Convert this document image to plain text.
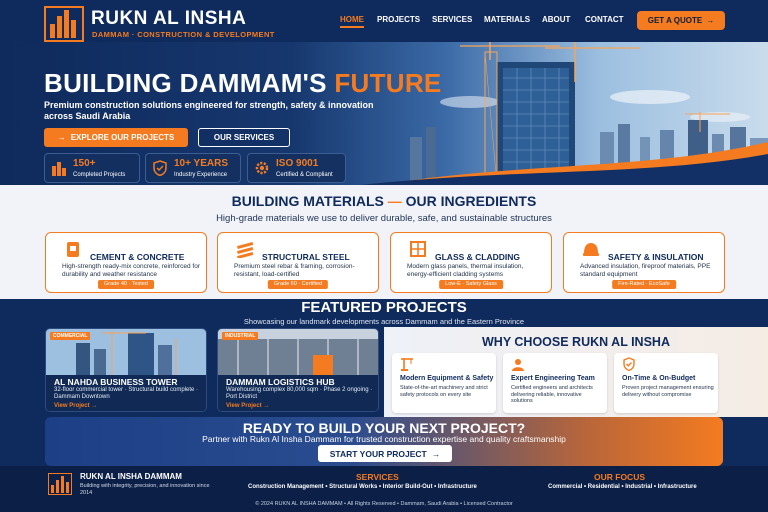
RUKN AL INSHA
DAMMAM · CONSTRUCTION & DEVELOPMENT
HOME PROJECTS SERVICES MATERIALS ABOUT CONTACT	GET A QUOTE →
BUILDING DAMMAM'S FUTURE
Premium construction solutions engineered for strength, safety & innovation across Saudi Arabia
→ EXPLORE OUR PROJECTS	OUR SERVICES
150+
Completed Projects
10+ YEARS
Industry Experience
ISO 9001
Certified & Compliant
BUILDING MATERIALS — OUR INGREDIENTS
High-grade materials we use to deliver durable, safe, and sustainable structures
CEMENT & CONCRETE
High-strength ready-mix concrete, reinforced for durability and weather resistance
Grade 40 · Tested
STRUCTURAL STEEL
Premium steel rebar & framing, corrosion-resistant, load-certified
Grade 60 · Certified
GLASS & CLADDING
Modern glass panels, thermal insulation, energy-efficient cladding systems
Low-E · Safety Glass
SAFETY & INSULATION
Advanced insulation, fireproof materials, PPE standard equipment
Fire-Rated · EcoSafe
FEATURED PROJECTS
Showcasing our landmark developments across Dammam and the Eastern Province
COMMERCIAL
AL NAHDA BUSINESS TOWER
32-floor commercial tower · Structural build complete · Dammam Downtown
View Project →
INDUSTRIAL
DAMMAM LOGISTICS HUB
Warehousing complex 80,000 sqm · Phase 2 ongoing · Port District
View Project →
WHY CHOOSE RUKN AL INSHA
Modern Equipment & Safety
State-of-the-art machinery and strict safety protocols on every site
Expert Engineering Team
Certified engineers and architects delivering reliable, innovative solutions
On-Time & On-Budget
Proven project management ensuring delivery without compromise
READY TO BUILD YOUR NEXT PROJECT?
Partner with Rukn Al Insha Dammam for trusted construction expertise and quality craftsmanship
START YOUR PROJECT →
RUKN AL INSHA DAMMAM
Building with integrity, precision, and innovation since 2014
SERVICES
Construction Management • Structural Works • Interior Build-Out • Infrastructure
OUR FOCUS
Commercial • Residential • Industrial • Infrastructure
© 2024 RUKN AL INSHA DAMMAM • All Rights Reserved • Dammam, Saudi Arabia • Licensed Contractor
